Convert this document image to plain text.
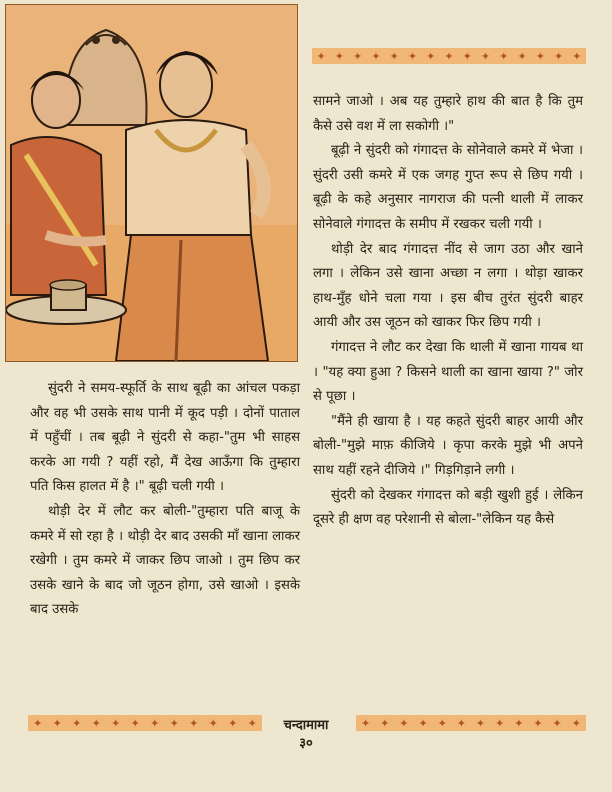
✦ ✦ ✦ ✦ ✦ ✦ ✦ ✦ ✦ ✦ ✦ ✦ ✦ ✦ ✦

सामने जाओ । अब यह तुम्हारे हाथ की बात है कि तुम कैसे उसे वश में ला सकोगी ।"

बूढ़ी ने सुंदरी को गंगादत्त के सोनेवाले कमरे में भेजा । सुंदरी उसी कमरे में एक जगह गुप्त रूप से छिप गयी । बूढ़ी के कहे अनुसार नागराज की पत्नी थाली में लाकर सोनेवाले गंगादत्त के समीप में रखकर चली गयी ।

थोड़ी देर बाद गंगादत्त नींद से जाग उठा और खाने लगा । लेकिन उसे खाना अच्छा न लगा । थोड़ा खाकर हाथ-मुँह धोने चला गया । इस बीच तुरंत सुंदरी बाहर आयी और उस जूठन को खाकर फिर छिप गयी ।

गंगादत्त ने लौट कर देखा कि थाली में खाना गायब था । "यह क्या हुआ ? किसने थाली का खाना खाया ?" जोर से पूछा ।

"मैंने ही खाया है । यह कहते सुंदरी बाहर आयी और बोली-"मुझे माफ़ कीजिये । कृपा करके मुझे भी अपने साथ यहीं रहने दीजिये ।" गिड़गिड़ाने लगी ।

सुंदरी को देखकर गंगादत्त को बड़ी खुशी हुई । लेकिन दूसरे ही क्षण वह परेशानी से बोला-"लेकिन यह कैसे

सुंदरी ने समय-स्फूर्ति के साथ बूढ़ी का आंचल पकड़ा और वह भी उसके साथ पानी में कूद पड़ी । दोनों पाताल में पहुँचीं । तब बूढ़ी ने सुंदरी से कहा-"तुम भी साहस करके आ गयी ? यहीं रहो, मैं देख आऊँगा कि तुम्हारा पति किस हालत में है ।" बूढ़ी चली गयी ।

थोड़ी देर में लौट कर बोली-"तुम्हारा पति बाजू के कमरे में सो रहा है । थोड़ी देर बाद उसकी माँ खाना लाकर रखेगी । तुम कमरे में जाकर छिप जाओ । तुम छिप कर उसके खाने के बाद जो जूठन होगा, उसे खाओ । इसके बाद उसके

✦ ✦ ✦ ✦ ✦ ✦ ✦ ✦ ✦ ✦ ✦ ✦	✦ ✦ ✦ ✦ ✦ ✦ ✦ ✦ ✦ ✦ ✦ ✦
चन्दामामा
३०
